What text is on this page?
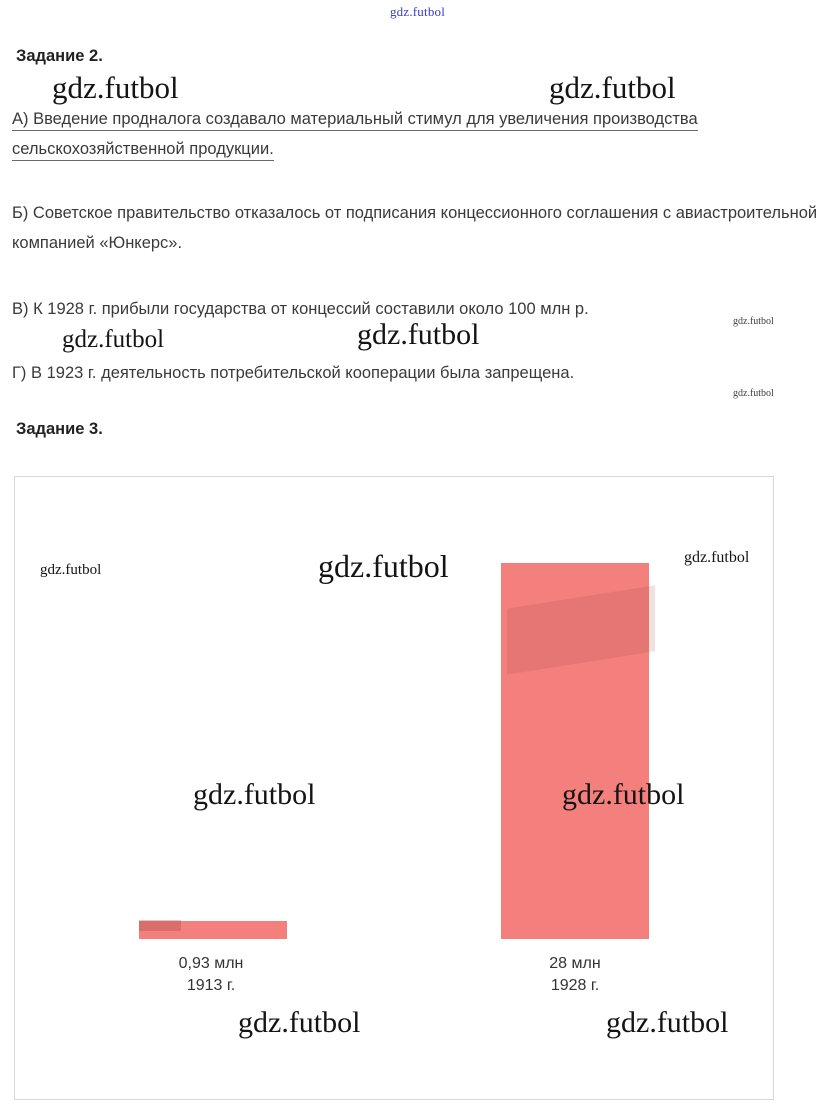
gdz.futbol
Задание 2.
А) Введение продналога создавало материальный стимул для увеличения производства сельскохозяйственной продукции.
Б) Советское правительство отказалось от подписания концессионного соглашения с авиастроительной компанией «Юнкерс».
В) К 1928 г. прибыли государства от концессий составили около 100 млн р.
Г) В 1923 г. деятельность потребительской кооперации была запрещена.
Задание 3.
0,93 млн
1913 г.
28 млн
1928 г.
gdz.futbol	gdz.futbol
gdz.futbol	gdz.futbol	gdz.futbol
gdz.futbol
gdz.futbol	gdz.futbol	gdz.futbol
gdz.futbol	gdz.futbol
gdz.futbol	gdz.futbol
